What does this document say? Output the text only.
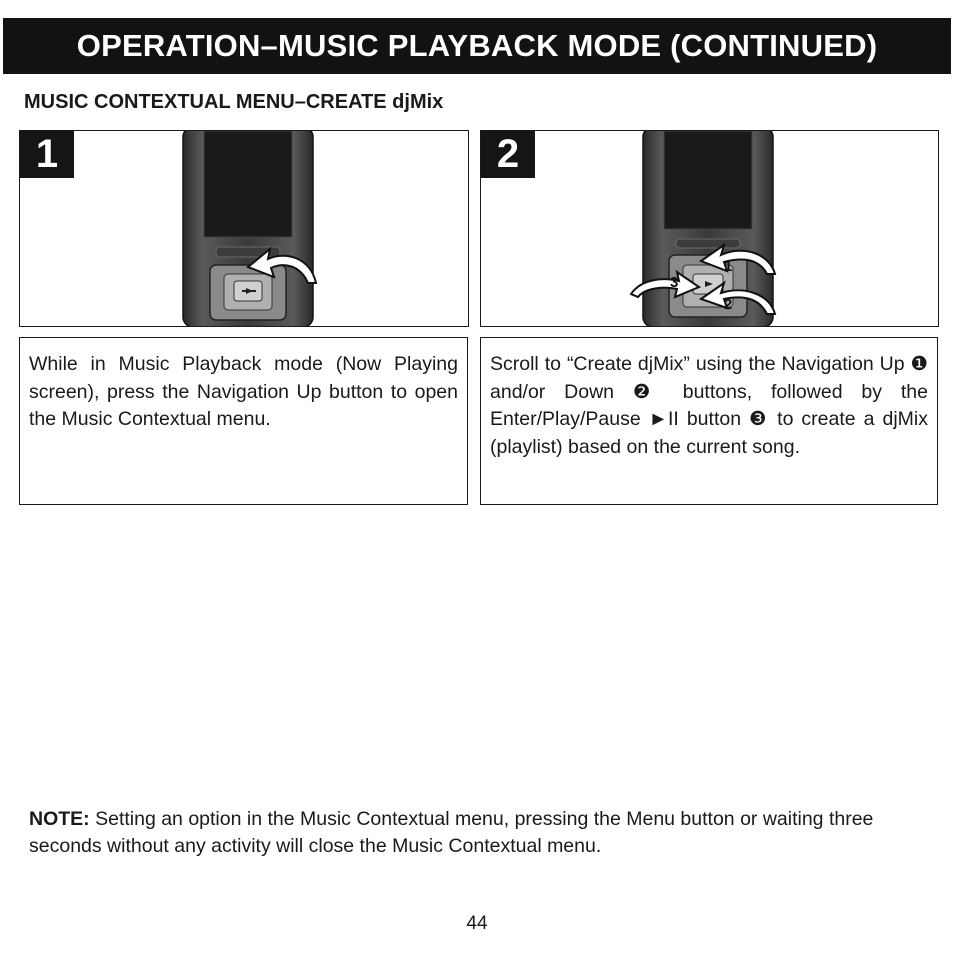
OPERATION–MUSIC PLAYBACK MODE (CONTINUED)
MUSIC CONTEXTUAL MENU–CREATE djMix
1	2
1
2
3
While in Music Playback mode (Now Playing screen), press the Navigation Up button to open the Music Contextual menu.
Scroll to “Create djMix” using the Navigation Up ❶ and/or Down ❷ buttons, followed by the Enter/Play/Pause ►II button ❸ to create a djMix (playlist) based on the current song.
NOTE: Setting an option in the Music Contextual menu, pressing the Menu button or waiting three seconds without any activity will close the Music Contextual menu.
44
